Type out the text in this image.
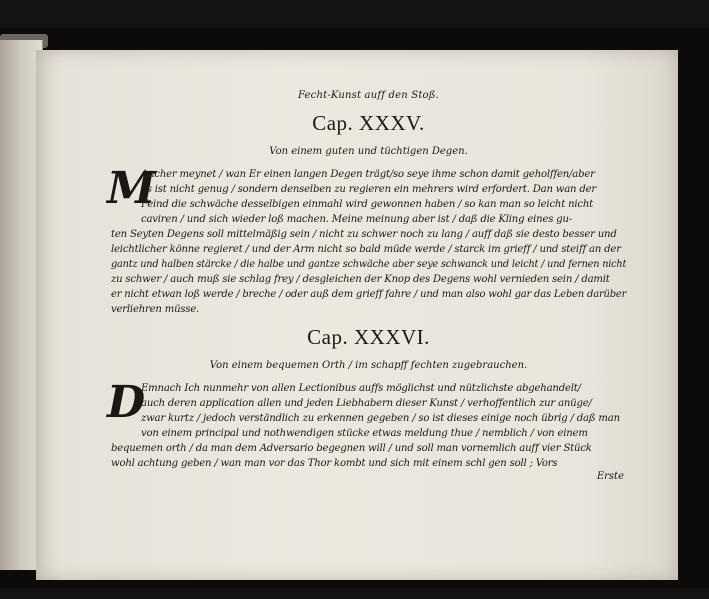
Fecht-Kunst auff den Stoß.
Cap. XXXV.
Von einem guten und tüchtigen Degen.
M
Ancher meynet / wan Er einen langen Degen trägt/so seye ihme schon damit geholffen/aber
es ist nicht genug / sondern denselben zu regieren ein mehrers wird erfordert. Dan wan der
Feind die schwäche desselbigen einmahl wird gewonnen haben / so kan man so leicht nicht
caviren / und sich wieder loß machen. Meine meinung aber ist / daß die Kling eines gu-
ten Seyten Degens soll mittelmäßig sein / nicht zu schwer noch zu lang / auff daß sie desto besser und
leichtlicher könne regieret / und der Arm nicht so bald müde werde / starck im grieff / und steiff an der
gantz und halben stärcke / die halbe und gantze schwäche aber seye schwanck und leicht / und fernen nicht
zu schwer / auch muß sie schlag frey / desgleichen der Knop des Degens wohl vernieden sein / damit
er nicht etwan loß werde / breche / oder auß dem grieff fahre / und man also wohl gar das Leben darüber
verliehren müsse.
Cap. XXXVI.
Von einem bequemen Orth / im schapff fechten zugebrauchen.
D
Emnach Ich nunmehr von allen Lectionibus auffs möglichst und nützlichste abgehandelt/
auch deren application allen und jeden Liebhabern dieser Kunst / verhoffentlich zur anüge/
zwar kurtz / jedoch verständlich zu erkennen gegeben / so ist dieses einige noch übrig / daß man
von einem principal und nothwendigen stücke etwas meldung thue / nemblich / von einem
bequemen orth / da man dem Adversario begegnen will / und soll man vornemlich auff vier Stück
wohl achtung geben / wan man vor das Thor kombt und sich mit einem schl gen soll ; Vors
Erste
